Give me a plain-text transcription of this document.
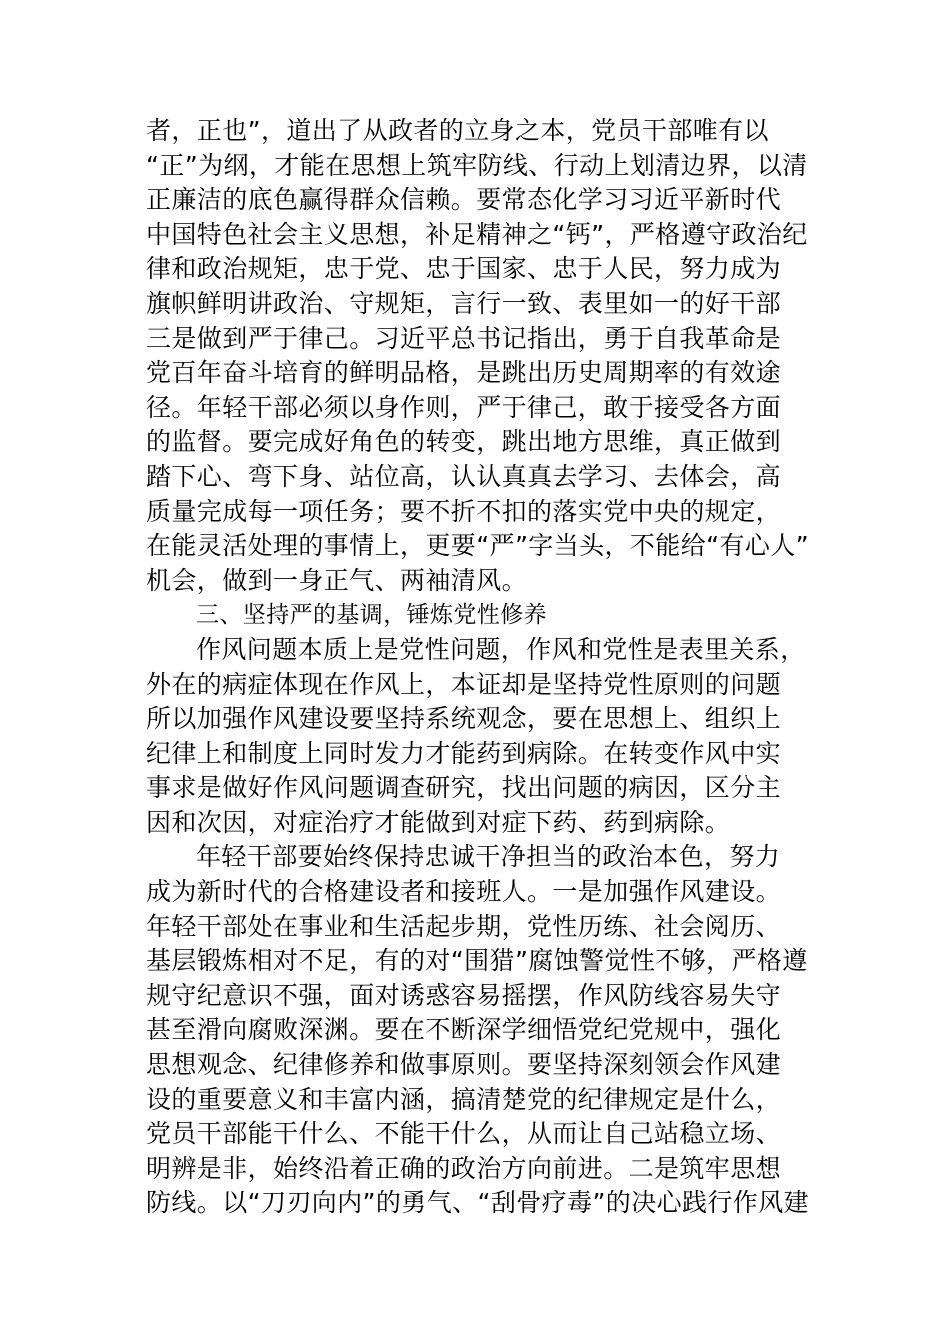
者，正也”，道出了从政者的立身之本，党员干部唯有以
“正”为纲，才能在思想上筑牢防线、行动上划清边界，以清
正廉洁的底色赢得群众信赖。要常态化学习习近平新时代
中国特色社会主义思想，补足精神之“钙”，严格遵守政治纪
律和政治规矩，忠于党、忠于国家、忠于人民，努力成为
旗帜鲜明讲政治、守规矩，言行一致、表里如一的好干部
三是做到严于律己。习近平总书记指出，勇于自我革命是
党百年奋斗培育的鲜明品格，是跳出历史周期率的有效途
径。年轻干部必须以身作则，严于律己，敢于接受各方面
的监督。要完成好角色的转变，跳出地方思维，真正做到
踏下心、弯下身、站位高，认认真真去学习、去体会，高
质量完成每一项任务；要不折不扣的落实党中央的规定，
在能灵活处理的事情上，更要“严”字当头，不能给“有心人”
机会，做到一身正气、两袖清风。
三、坚持严的基调，锤炼党性修养
作风问题本质上是党性问题，作风和党性是表里关系，
外在的病症体现在作风上，本证却是坚持党性原则的问题
所以加强作风建设要坚持系统观念，要在思想上、组织上
纪律上和制度上同时发力才能药到病除。在转变作风中实
事求是做好作风问题调查研究，找出问题的病因，区分主
因和次因，对症治疗才能做到对症下药、药到病除。
年轻干部要始终保持忠诚干净担当的政治本色，努力
成为新时代的合格建设者和接班人。一是加强作风建设。
年轻干部处在事业和生活起步期，党性历练、社会阅历、
基层锻炼相对不足，有的对“围猎”腐蚀警觉性不够，严格遵
规守纪意识不强，面对诱惑容易摇摆，作风防线容易失守
甚至滑向腐败深渊。要在不断深学细悟党纪党规中，强化
思想观念、纪律修养和做事原则。要坚持深刻领会作风建
设的重要意义和丰富内涵，搞清楚党的纪律规定是什么，
党员干部能干什么、不能干什么，从而让自己站稳立场、
明辨是非，始终沿着正确的政治方向前进。二是筑牢思想
防线。以“刀刃向内”的勇气、“刮骨疗毒”的决心践行作风建
